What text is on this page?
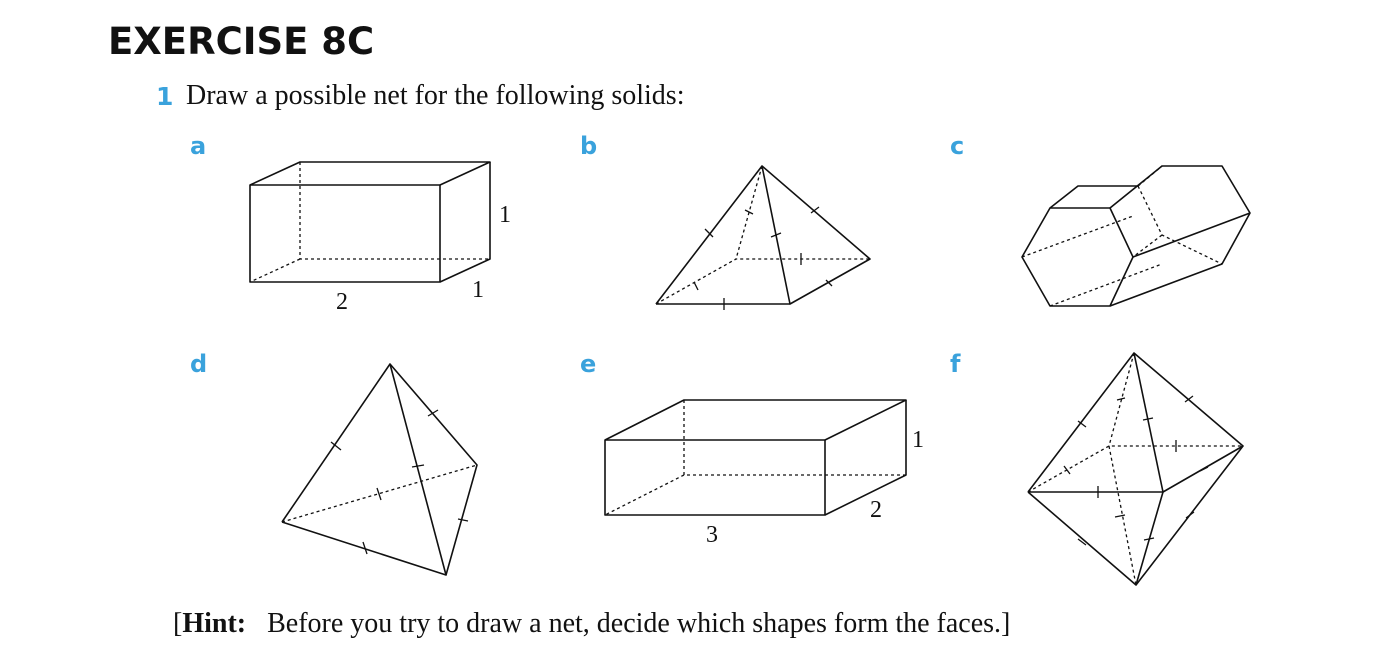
EXERCISE 8C
1 Draw a possible net for the following solids:
a	b	c
d	e	f
1
2	1
1
3
2
[Hint: Before you try to draw a net, decide which shapes form the faces.]
